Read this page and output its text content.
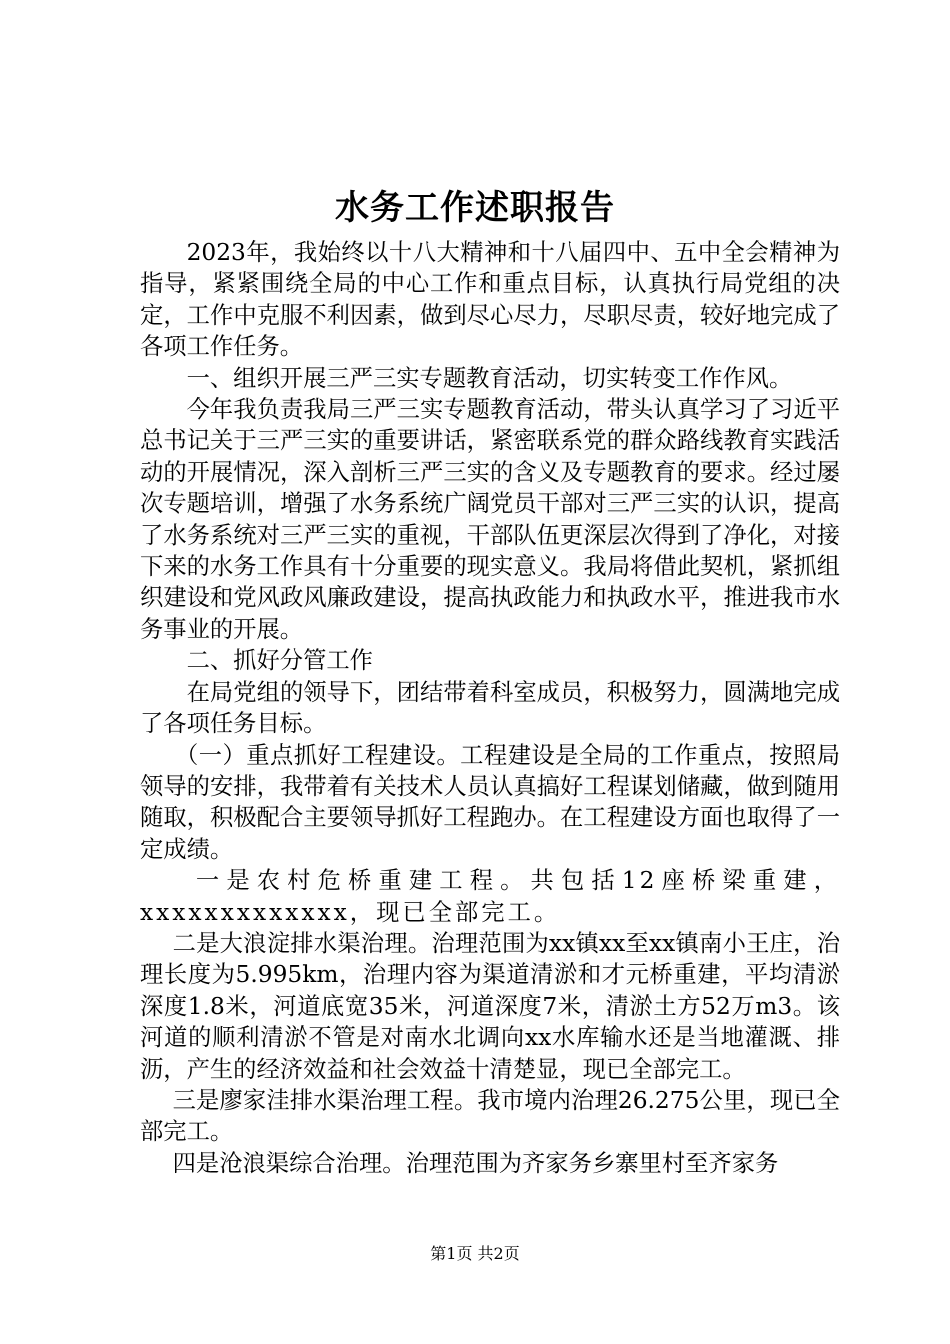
水务工作述职报告

2023年，我始终以十八大精神和十八届四中、五中全会精神为指导，紧紧围绕全局的中心工作和重点目标，认真执行局党组的决定，工作中克服不利因素，做到尽心尽力，尽职尽责，较好地完成了各项工作任务。

一、组织开展三严三实专题教育活动，切实转变工作作风。

今年我负责我局三严三实专题教育活动，带头认真学习了习近平总书记关于三严三实的重要讲话，紧密联系党的群众路线教育实践活动的开展情况，深入剖析三严三实的含义及专题教育的要求。经过屡次专题培训，增强了水务系统广阔党员干部对三严三实的认识，提高了水务系统对三严三实的重视，干部队伍更深层次得到了净化，对接下来的水务工作具有十分重要的现实意义。我局将借此契机，紧抓组织建设和党风政风廉政建设，提高执政能力和执政水平，推进我市水务事业的开展。

二、抓好分管工作

在局党组的领导下，团结带着科室成员，积极努力，圆满地完成了各项任务目标。

（一）重点抓好工程建设。工程建设是全局的工作重点，按照局领导的安排，我带着有关技术人员认真搞好工程谋划储藏，做到随用随取，积极配合主要领导抓好工程跑办。在工程建设方面也取得了一定成绩。

一是农村危桥重建工程。共包括12座桥梁重建，xxxxxxxxxxxxx，现已全部完工。

二是大浪淀排水渠治理。治理范围为xx镇xx至xx镇南小王庄，治理长度为5.995km，治理内容为渠道清淤和才元桥重建，平均清淤深度1.8米，河道底宽35米，河道深度7米，清淤土方52万m3。该河道的顺利清淤不管是对南水北调向xx水库输水还是当地灌溉、排沥，产生的经济效益和社会效益十清楚显，现已全部完工。

三是廖家洼排水渠治理工程。我市境内治理26.275公里，现已全部完工。

四是沧浪渠综合治理。治理范围为齐家务乡寨里村至齐家务

第1页 共2页
